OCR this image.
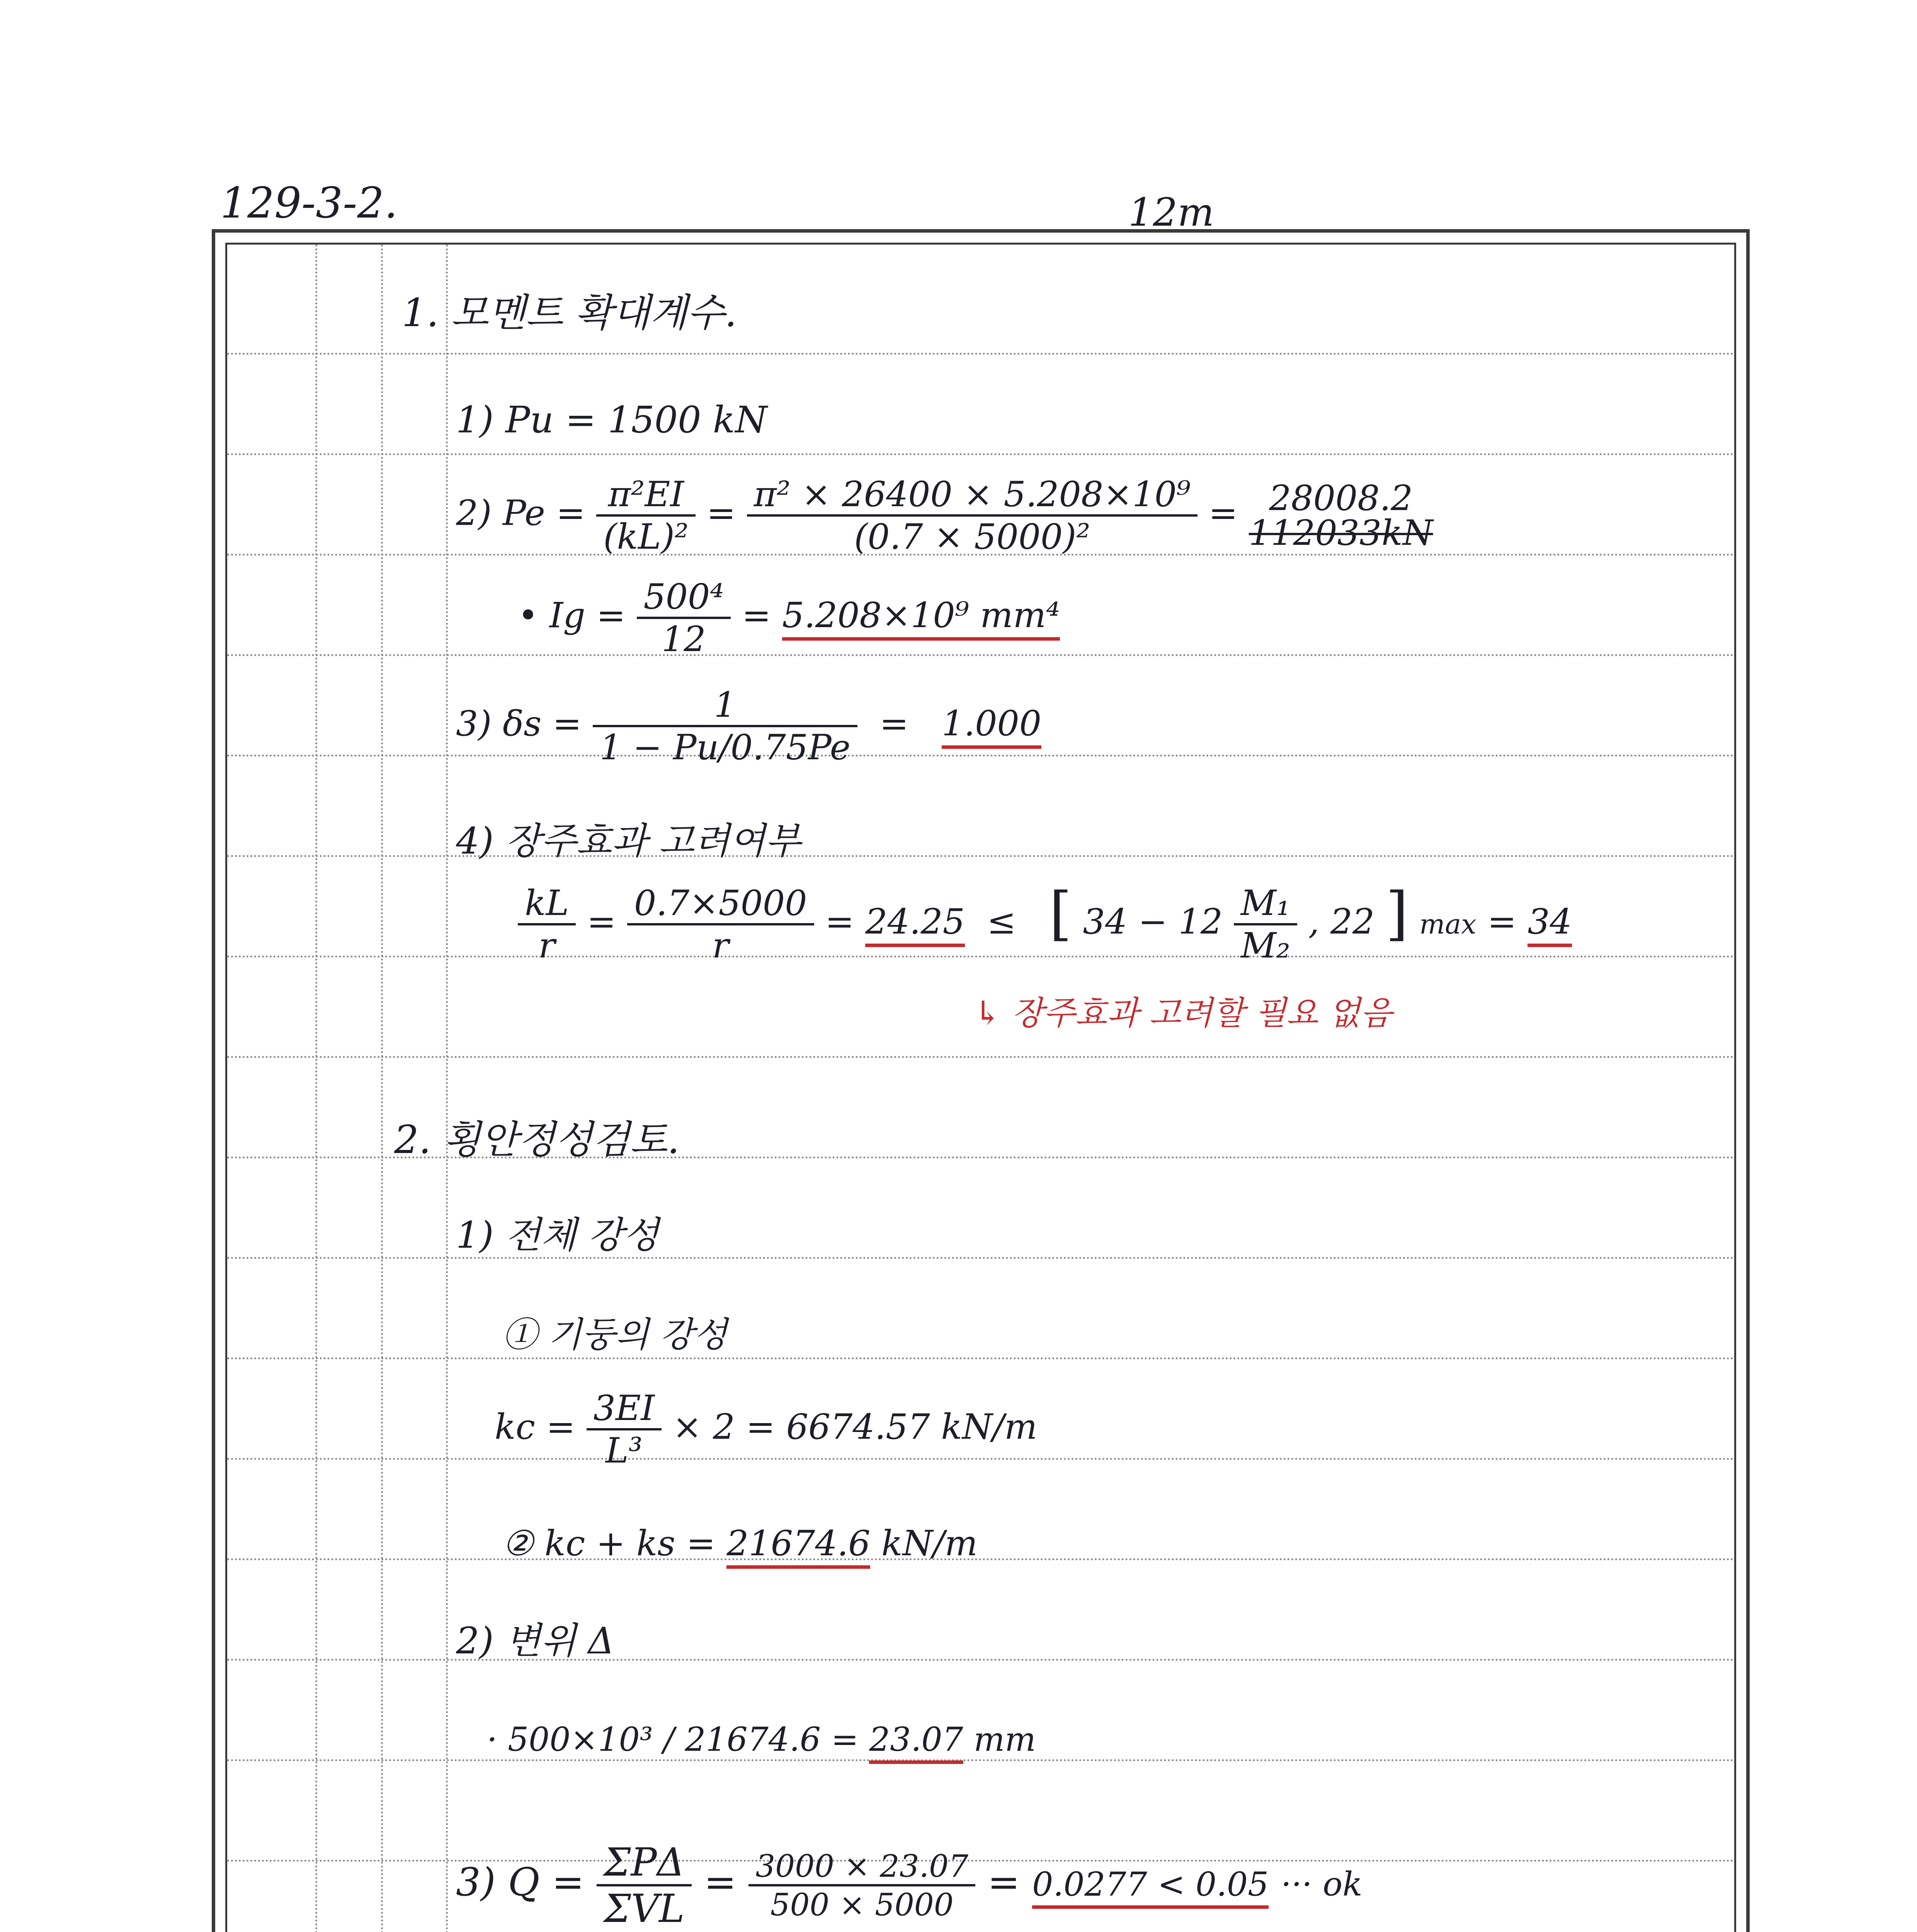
129-3-2.	12m
1. 모멘트 확대계수.
1) Pu = 1500 kN
2) $Pe = \frac{\text{π²EI}}{\text{(kL)²}} = \frac{\text{π² × 26400 × 5.208×10⁹}}{\text{(0.7 × 5000)²}} = 28008.2$
112033kN
• $Ig = \frac{\text{500⁴}}{12} = 5.208\times 10^9$ mm⁴
3) $\delta s = \frac{1}{1 - Pu/0.75Pe} = 1.000$
4) 장주효과 고려여부
$\frac{kL}{r} = \frac{0.7\times 5000}{r} = 24.25$ ≤ [ $34 - 12 \frac{\text{M₁}}{\text{M₂}}$ , 22 ] max = 34
↳ 장주효과 고려할 필요 없음
2. 횡안정성검토.
1) 전체 강성
① 기둥의 강성
kc = $\frac{3EI}{\text{L³}} \times 2 = 6674.57$ kN/m
② kc + ks = 21674.6 kN/m
2) 변위 Δ
· 500×10³ / 21674.6 = 23.07 mm
3) $Q = \frac{\text{ΣPΔ}}{\text{ΣVL}} = \frac{3000 \times 23.07}{500 \times 5000} = 0.0277 < 0.05$ ··· ok
